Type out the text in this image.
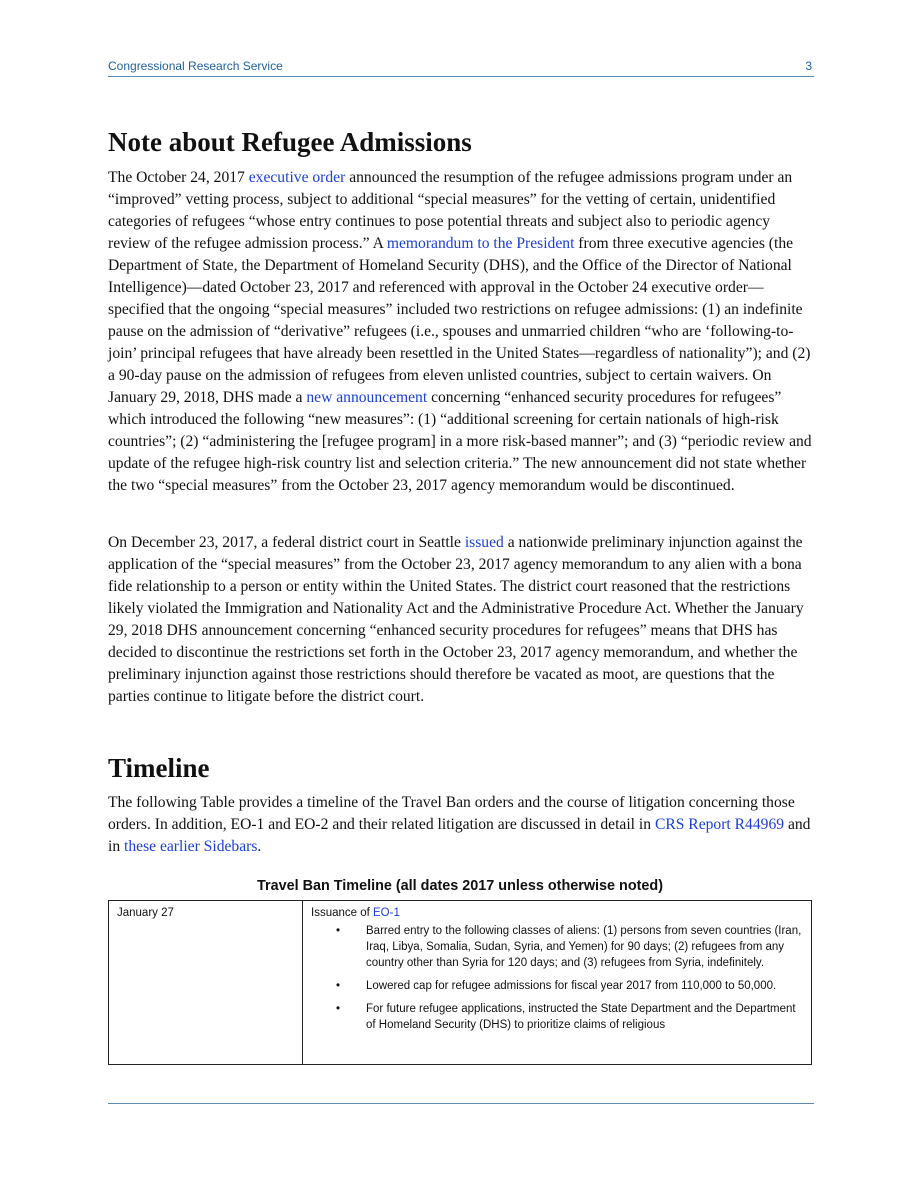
Congressional Research Service	3
Note about Refugee Admissions

The October 24, 2017 executive order announced the resumption of the refugee admissions program under an “improved” vetting process, subject to additional “special measures” for the vetting of certain, unidentified categories of refugees “whose entry continues to pose potential threats and subject also to periodic agency review of the refugee admission process.” A memorandum to the President from three executive agencies (the Department of State, the Department of Homeland Security (DHS), and the Office of the Director of National Intelligence)—dated October 23, 2017 and referenced with approval in the October 24 executive order—specified that the ongoing “special measures” included two restrictions on refugee admissions: (1) an indefinite pause on the admission of “derivative” refugees (i.e., spouses and unmarried children “who are ‘following-to-join’ principal refugees that have already been resettled in the United States—regardless of nationality”); and (2) a 90-day pause on the admission of refugees from eleven unlisted countries, subject to certain waivers. On January 29, 2018, DHS made a new announcement concerning “enhanced security procedures for refugees” which introduced the following “new measures”: (1) “additional screening for certain nationals of high-risk countries”; (2) “administering the [refugee program] in a more risk-based manner”; and (3) “periodic review and update of the refugee high-risk country list and selection criteria.” The new announcement did not state whether the two “special measures” from the October 23, 2017 agency memorandum would be discontinued.

On December 23, 2017, a federal district court in Seattle issued a nationwide preliminary injunction against the application of the “special measures” from the October 23, 2017 agency memorandum to any alien with a bona fide relationship to a person or entity within the United States. The district court reasoned that the restrictions likely violated the Immigration and Nationality Act and the Administrative Procedure Act. Whether the January 29, 2018 DHS announcement concerning “enhanced security procedures for refugees” means that DHS has decided to discontinue the restrictions set forth in the October 23, 2017 agency memorandum, and whether the preliminary injunction against those restrictions should therefore be vacated as moot, are questions that the parties continue to litigate before the district court.

Timeline

The following Table provides a timeline of the Travel Ban orders and the course of litigation concerning those orders. In addition, EO-1 and EO-2 and their related litigation are discussed in detail in CRS Report R44969 and in these earlier Sidebars.

Travel Ban Timeline (all dates 2017 unless otherwise noted)
January 27	Issuance of EO-1
• Barred entry to the following classes of aliens: (1) persons from seven countries (Iran, Iraq, Libya, Somalia, Sudan, Syria, and Yemen) for 90 days; (2) refugees from any country other than Syria for 120 days; and (3) refugees from Syria, indefinitely.
• Lowered cap for refugee admissions for fiscal year 2017 from 110,000 to 50,000.
• For future refugee applications, instructed the State Department and the Department of Homeland Security (DHS) to prioritize claims of religious
